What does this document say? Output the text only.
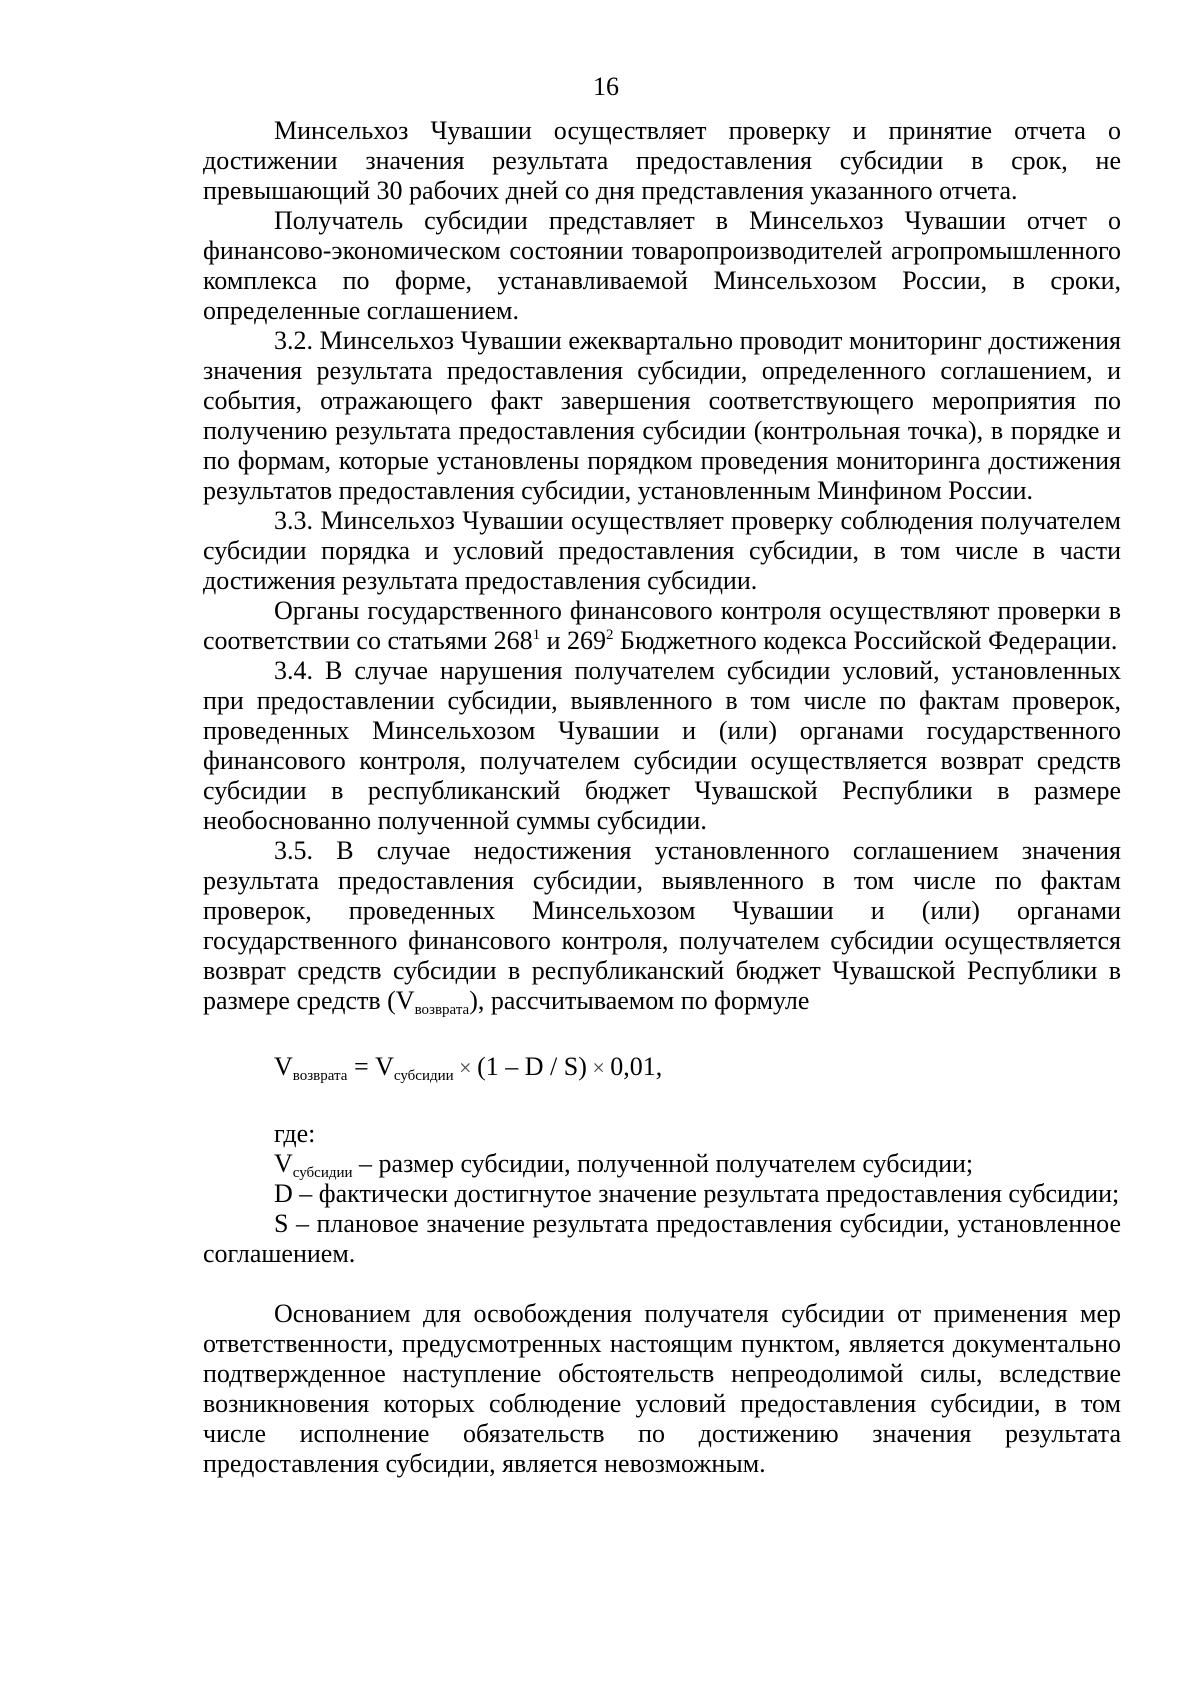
16

Минсельхоз Чувашии осуществляет проверку и принятие отчета о достижении значения результата предоставления субсидии в срок, не превышающий 30 рабочих дней со дня представления указанного отчета.

Получатель субсидии представляет в Минсельхоз Чувашии отчет о финансово-экономическом состоянии товаропроизводителей агропромышленного комплекса по форме, устанавливаемой Минсельхозом России, в сроки, определенные соглашением.

3.2. Минсельхоз Чувашии ежеквартально проводит мониторинг достижения значения результата предоставления субсидии, определенного соглашением, и события, отражающего факт завершения соответствующего мероприятия по получению результата предоставления субсидии (контрольная точка), в порядке и по формам, которые установлены порядком проведения мониторинга достижения результатов предоставления субсидии, установленным Минфином России.

3.3. Минсельхоз Чувашии осуществляет проверку соблюдения получателем субсидии порядка и условий предоставления субсидии, в том числе в части достижения результата предоставления субсидии.

Органы государственного финансового контроля осуществляют проверки в соответствии со статьями $268^1$ и $269^2$ Бюджетного кодекса Российской Федерации.

3.4. В случае нарушения получателем субсидии условий, установленных при предоставлении субсидии, выявленного в том числе по фактам проверок, проведенных Минсельхозом Чувашии и (или) органами государственного финансового контроля, получателем субсидии осуществляется возврат средств субсидии в республиканский бюджет Чувашской Республики в размере необоснованно полученной суммы субсидии.

3.5. В случае недостижения установленного соглашением значения результата предоставления субсидии, выявленного в том числе по фактам проверок, проведенных Минсельхозом Чувашии и (или) органами государственного финансового контроля, получателем субсидии осуществляется возврат средств субсидии в республиканский бюджет Чувашской Республики в размере средств $(V_{возврата})$, рассчитываемом по формуле

$V_{возврата} = V_{субсидии} \times (1 - D / S) \times 0,01$,

где:

$V_{субсидии}$ – размер субсидии, полученной получателем субсидии;

D – фактически достигнутое значение результата предоставления субсидии;

S – плановое значение результата предоставления субсидии, установленное соглашением.

Основанием для освобождения получателя субсидии от применения мер ответственности, предусмотренных настоящим пунктом, является документально подтвержденное наступление обстоятельств непреодолимой силы, вследствие возникновения которых соблюдение условий предоставления субсидии, в том числе исполнение обязательств по достижению значения результата предоставления субсидии, является невозможным.
